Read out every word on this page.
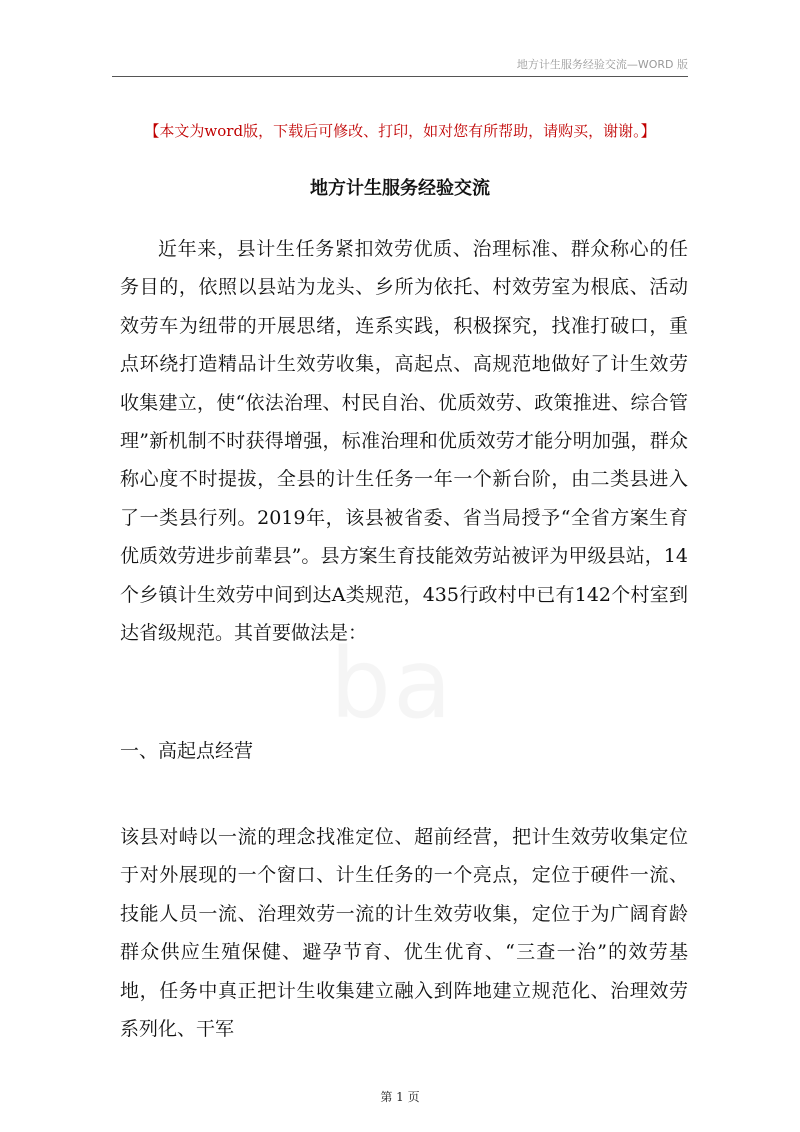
地方计生服务经验交流—WORD 版
【本文为word版，下载后可修改、打印，如对您有所帮助，请购买，谢谢。】
地方计生服务经验交流

近年来，县计生任务紧扣效劳优质、治理标准、群众称心的任务目的，依照以县站为龙头、乡所为依托、村效劳室为根底、活动效劳车为纽带的开展思绪，连系实践，积极探究，找准打破口，重点环绕打造精品计生效劳收集，高起点、高规范地做好了计生效劳收集建立，使“依法治理、村民自治、优质效劳、政策推进、综合管理”新机制不时获得增强，标准治理和优质效劳才能分明加强，群众称心度不时提拔，全县的计生任务一年一个新台阶，由二类县进入了一类县行列。2019年，该县被省委、省当局授予“全省方案生育优质效劳进步前辈县”。县方案生育技能效劳站被评为甲级县站，14个乡镇计生效劳中间到达A类规范，435行政村中已有142个村室到达省级规范。其首要做法是：

一、高起点经营

该县对峙以一流的理念找准定位、超前经营，把计生效劳收集定位于对外展现的一个窗口、计生任务的一个亮点，定位于硬件一流、技能人员一流、治理效劳一流的计生效劳收集，定位于为广阔育龄群众供应生殖保健、避孕节育、优生优育、“三查一治”的效劳基地，任务中真正把计生收集建立融入到阵地建立规范化、治理效劳系列化、干军

第 1 页
